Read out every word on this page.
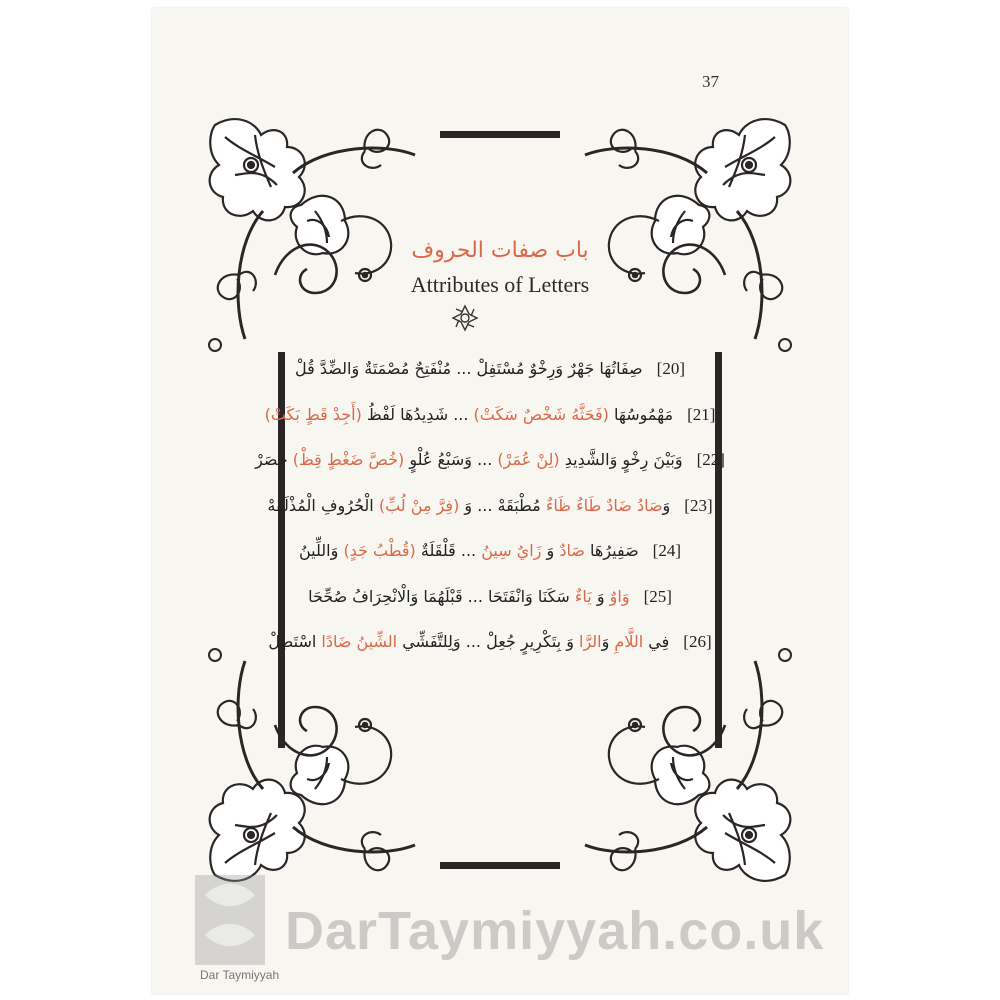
37
باب صفات الحروف
Attributes of Letters
[20]صِفَاتُهَا جَهْرٌ وَرِخْوٌ مُسْتَفِلْ ... مُنْفَتِحٌ مُصْمَتَةٌ وَالضِّدَّ قُلْ
[21]مَهْمُوسُهَا (فَحَثَّهُ شَخْصٌ سَكَتْ) ... شَدِيدُهَا لَفْظُ (أَجِدْ قَطٍ بَكَتْ)
[22]وَبَيْنَ رِخْوٍ وَالشَّدِيدِ (لِنْ عُمَرْ) ... وَسَبْعُ عُلْوٍ (خُصَّ ضَغْطٍ قِظْ) حَصَرْ
[23]وَصَادُ ضَادٌ طَاءُ ظَاءٌ مُطْبَقَهْ ... وَ (فِرَّ مِنْ لُبِّ) الْحُرُوفِ الْمُذْلَقَهْ
[24]صَفِيرُهَا صَادٌ وَ زَايٌ سِينُ ... قَلْقَلَةٌ (قُطْبُ جَدٍ) وَاللِّينُ
[25]وَاوٌ وَ يَاءٌ سَكَنَا وَانْفَتَحَا ... قَبْلَهُمَا وَالْانْحِرَافُ صُحِّحَا
[26]فِي اللَّامِ وَالرَّا وَ بِتَكْرِيرٍ جُعِلْ ... وَلِلتَّفَشِّي الشِّينُ ضَادًا اسْتَطِلْ
DarTaymiyyah.co.uk
Dar Taymiyyah
